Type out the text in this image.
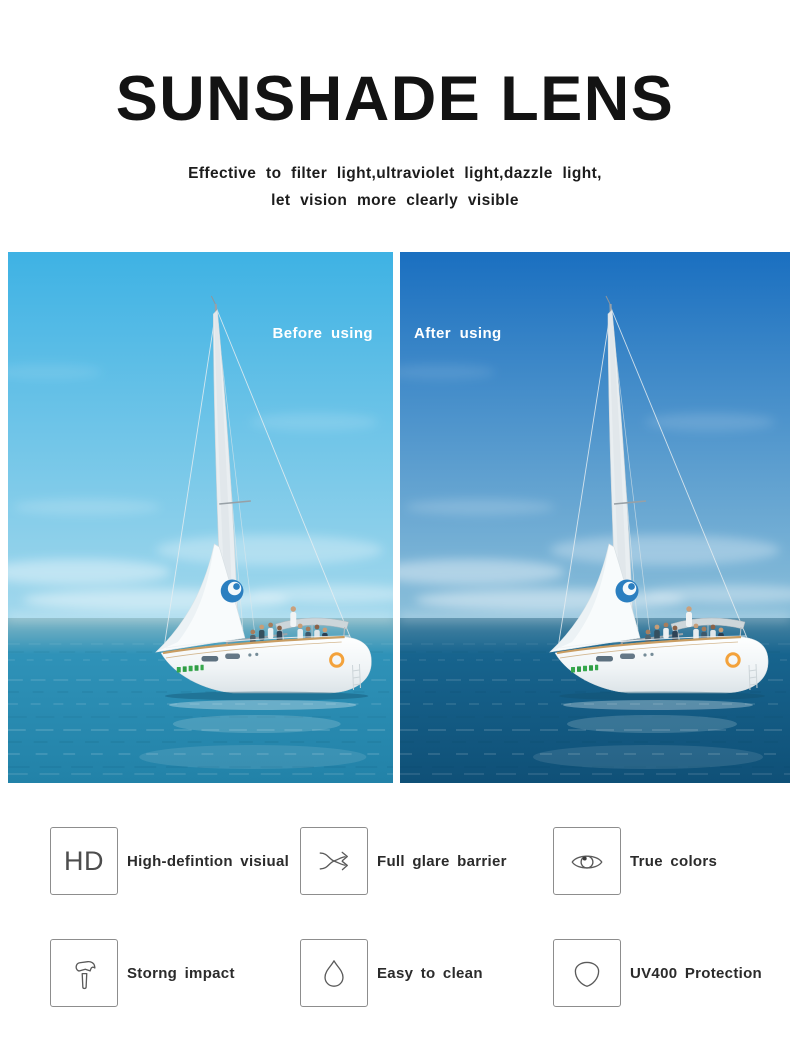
SUNSHADE LENS
Effective to filter light,ultraviolet light,dazzle light,
let vision more clearly visible
Before using	After using
HD High-defintion visiual	Full glare barrier	True colors
Storng impact	Easy to clean	UV400 Protection
